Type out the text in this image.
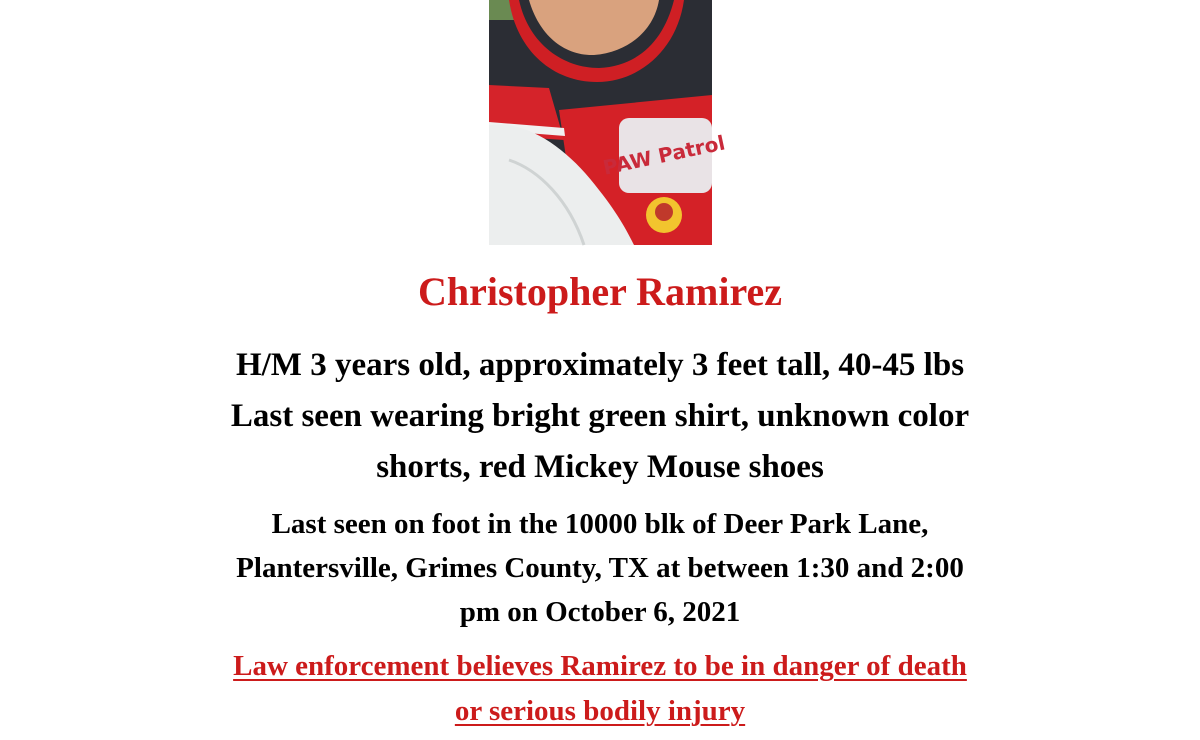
PAW Patrol
Christopher Ramirez
H/M 3 years old, approximately 3 feet tall, 40-45 lbs
Last seen wearing bright green shirt, unknown color
shorts, red Mickey Mouse shoes
Last seen on foot in the 10000 blk of Deer Park Lane,
Plantersville, Grimes County, TX at between 1:30 and 2:00
pm on October 6, 2021
Law enforcement believes Ramirez to be in danger of death
or serious bodily injury
